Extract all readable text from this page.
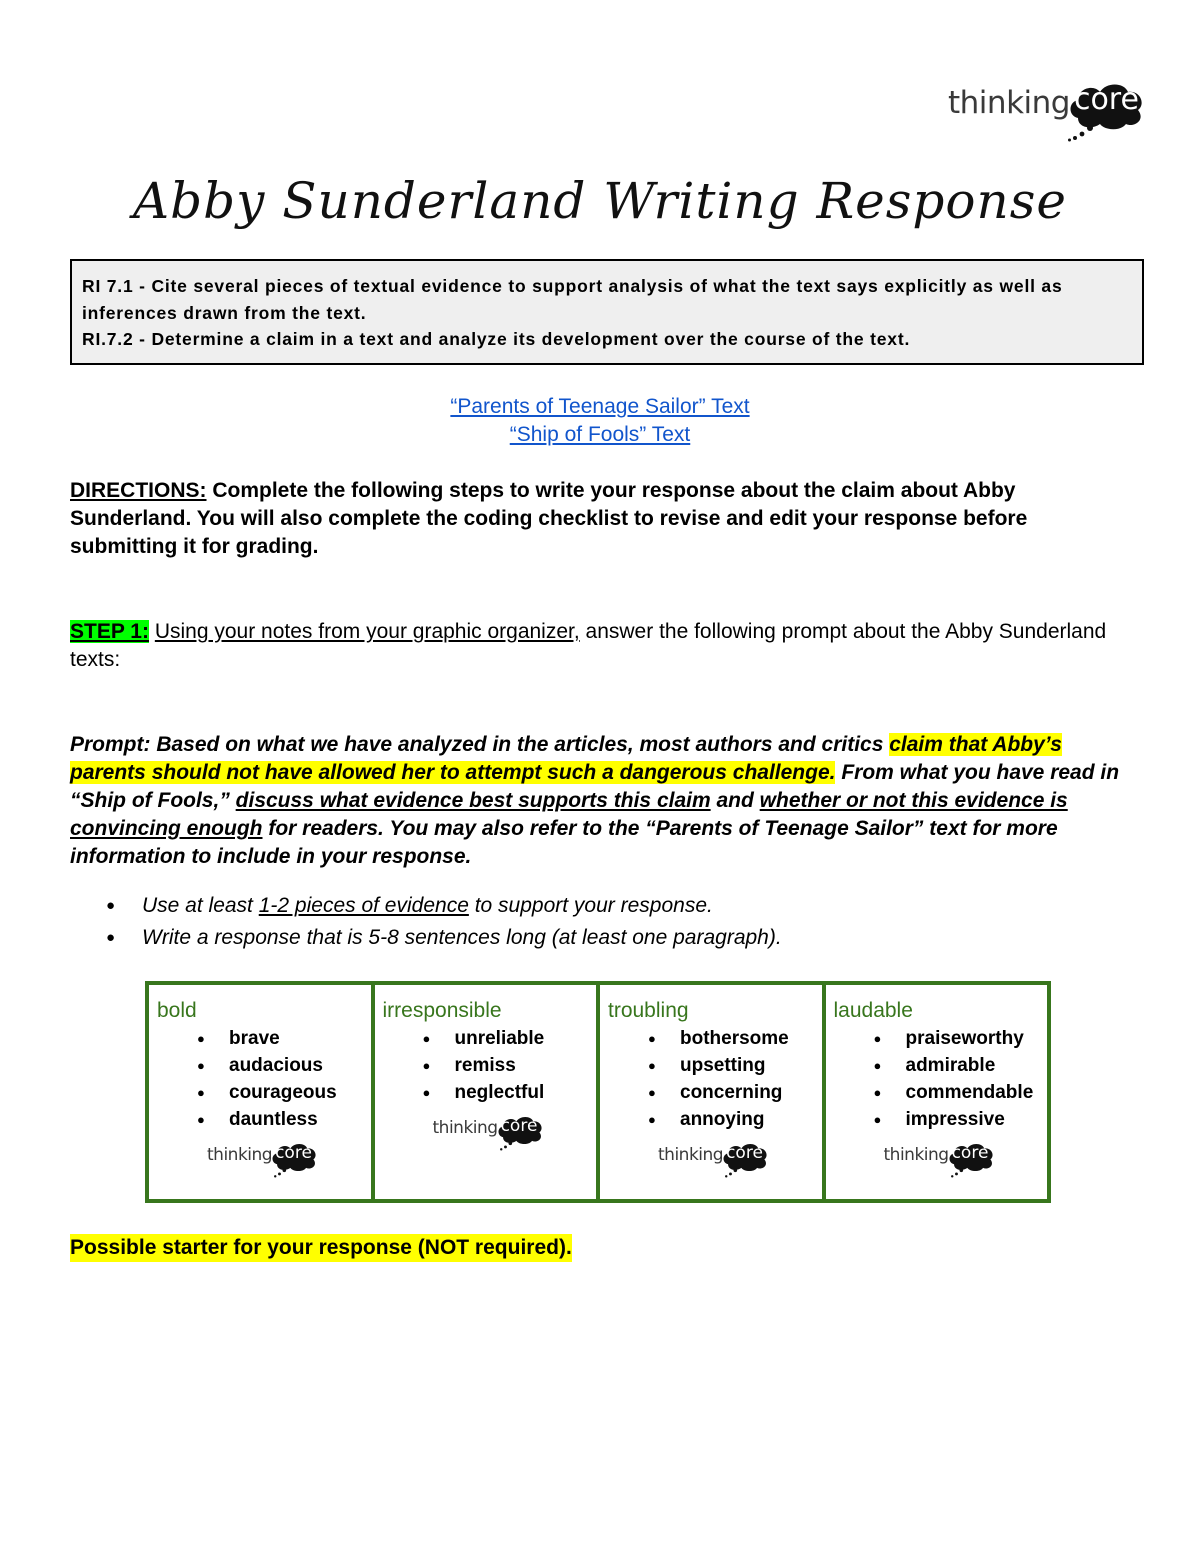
thinking core
Abby Sunderland Writing Response
RI 7.1 - Cite several pieces of textual evidence to support analysis of what the text says explicitly as well as inferences drawn from the text.
RI.7.2 - Determine a claim in a text and analyze its development over the course of the text.
“Parents of Teenage Sailor” Text
“Ship of Fools” Text
DIRECTIONS: Complete the following steps to write your response about the claim about Abby Sunderland. You will also complete the coding checklist to revise and edit your response before submitting it for grading.
STEP 1: Using your notes from your graphic organizer, answer the following prompt about the Abby Sunderland texts:
Prompt: Based on what we have analyzed in the articles, most authors and critics claim that Abby’s parents should not have allowed her to attempt such a dangerous challenge. From what you have read in “Ship of Fools,” discuss what evidence best supports this claim and whether or not this evidence is convincing enough for readers. You may also refer to the “Parents of Teenage Sailor” text for more information to include in your response.
● Use at least 1-2 pieces of evidence to support your response.
● Write a response that is 5-8 sentences long (at least one paragraph).
bold
● brave
● audacious
● courageous
● dauntless
thinking core
irresponsible
● unreliable
● remiss
● neglectful
thinking core
troubling
● bothersome
● upsetting
● concerning
● annoying
thinking core
laudable
● praiseworthy
● admirable
● commendable
● impressive
thinking core
Possible starter for your response (NOT required).
